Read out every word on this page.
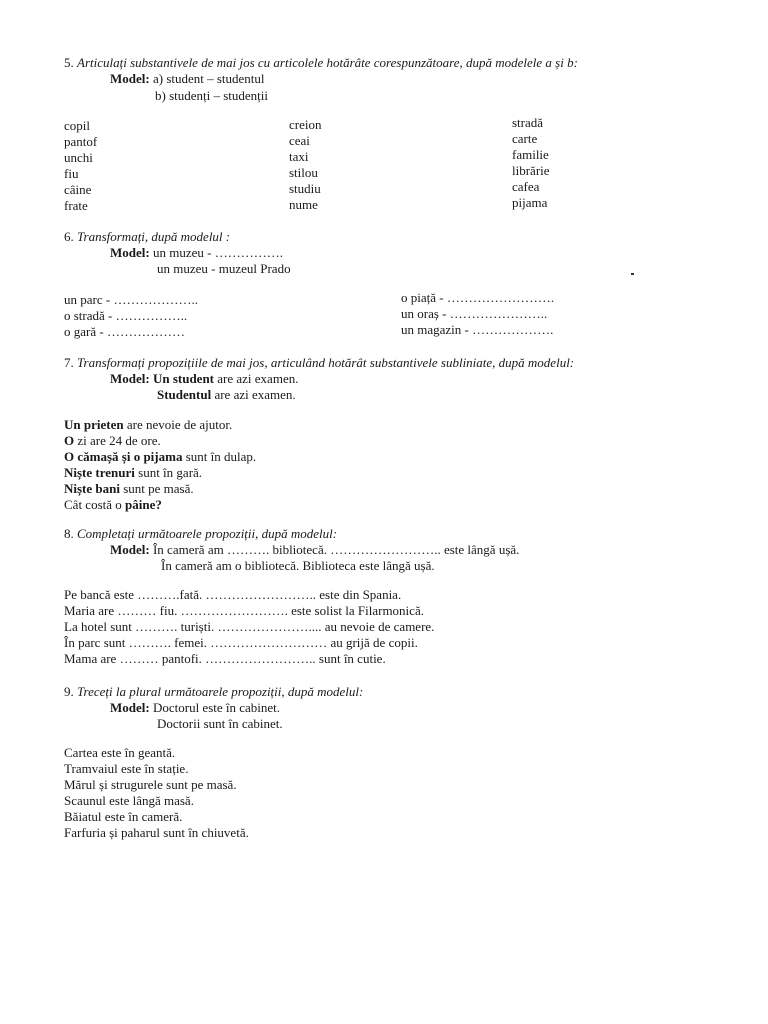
5. Articulați substantivele de mai jos cu articolele hotărâte corespunzătoare, după modelele a și b:
Model: a) student – studentul
b) studenți – studenții
copil
pantof
unchi
fiu
câine
frate
creion
ceai
taxi
stilou
studiu
nume
stradă
carte
familie
librărie
cafea
pijama
6. Transformați, după modelul :
Model: un muzeu - …………….
un muzeu - muzeul Prado
un parc - ………………..
o stradă - ……………..
o gară - ………………
o piață - …………………….
un oraș - …………………..
un magazin - ……………….
7. Transformați propozițiile de mai jos, articulând hotărât substantivele subliniate, după modelul:
Model: Un student are azi examen.
Studentul are azi examen.
Un prieten are nevoie de ajutor.
O zi are 24 de ore.
O cămașă și o pijama sunt în dulap.
Niște trenuri sunt în gară.
Niște bani sunt pe masă.
Cât costă o pâine?
8. Completați următoarele propoziții, după modelul:
Model: În cameră am ………. bibliotecă. …………………….. este lângă ușă.
În cameră am o bibliotecă. Biblioteca este lângă ușă.
Pe bancă este ……….fată. …………………….. este din Spania.
Maria are ……… fiu. ……………………. este solist la Filarmonică.
La hotel sunt ………. turiști. ………………….... au nevoie de camere.
În parc sunt ………. femei. ……………………… au grijă de copii.
Mama are ……… pantofi. …………………….. sunt în cutie.
9. Treceți la plural următoarele propoziții, după modelul:
Model: Doctorul este în cabinet.
Doctorii sunt în cabinet.
Cartea este în geantă.
Tramvaiul este în stație.
Mărul și strugurele sunt pe masă.
Scaunul este lângă masă.
Băiatul este în cameră.
Farfuria și paharul sunt în chiuvetă.
